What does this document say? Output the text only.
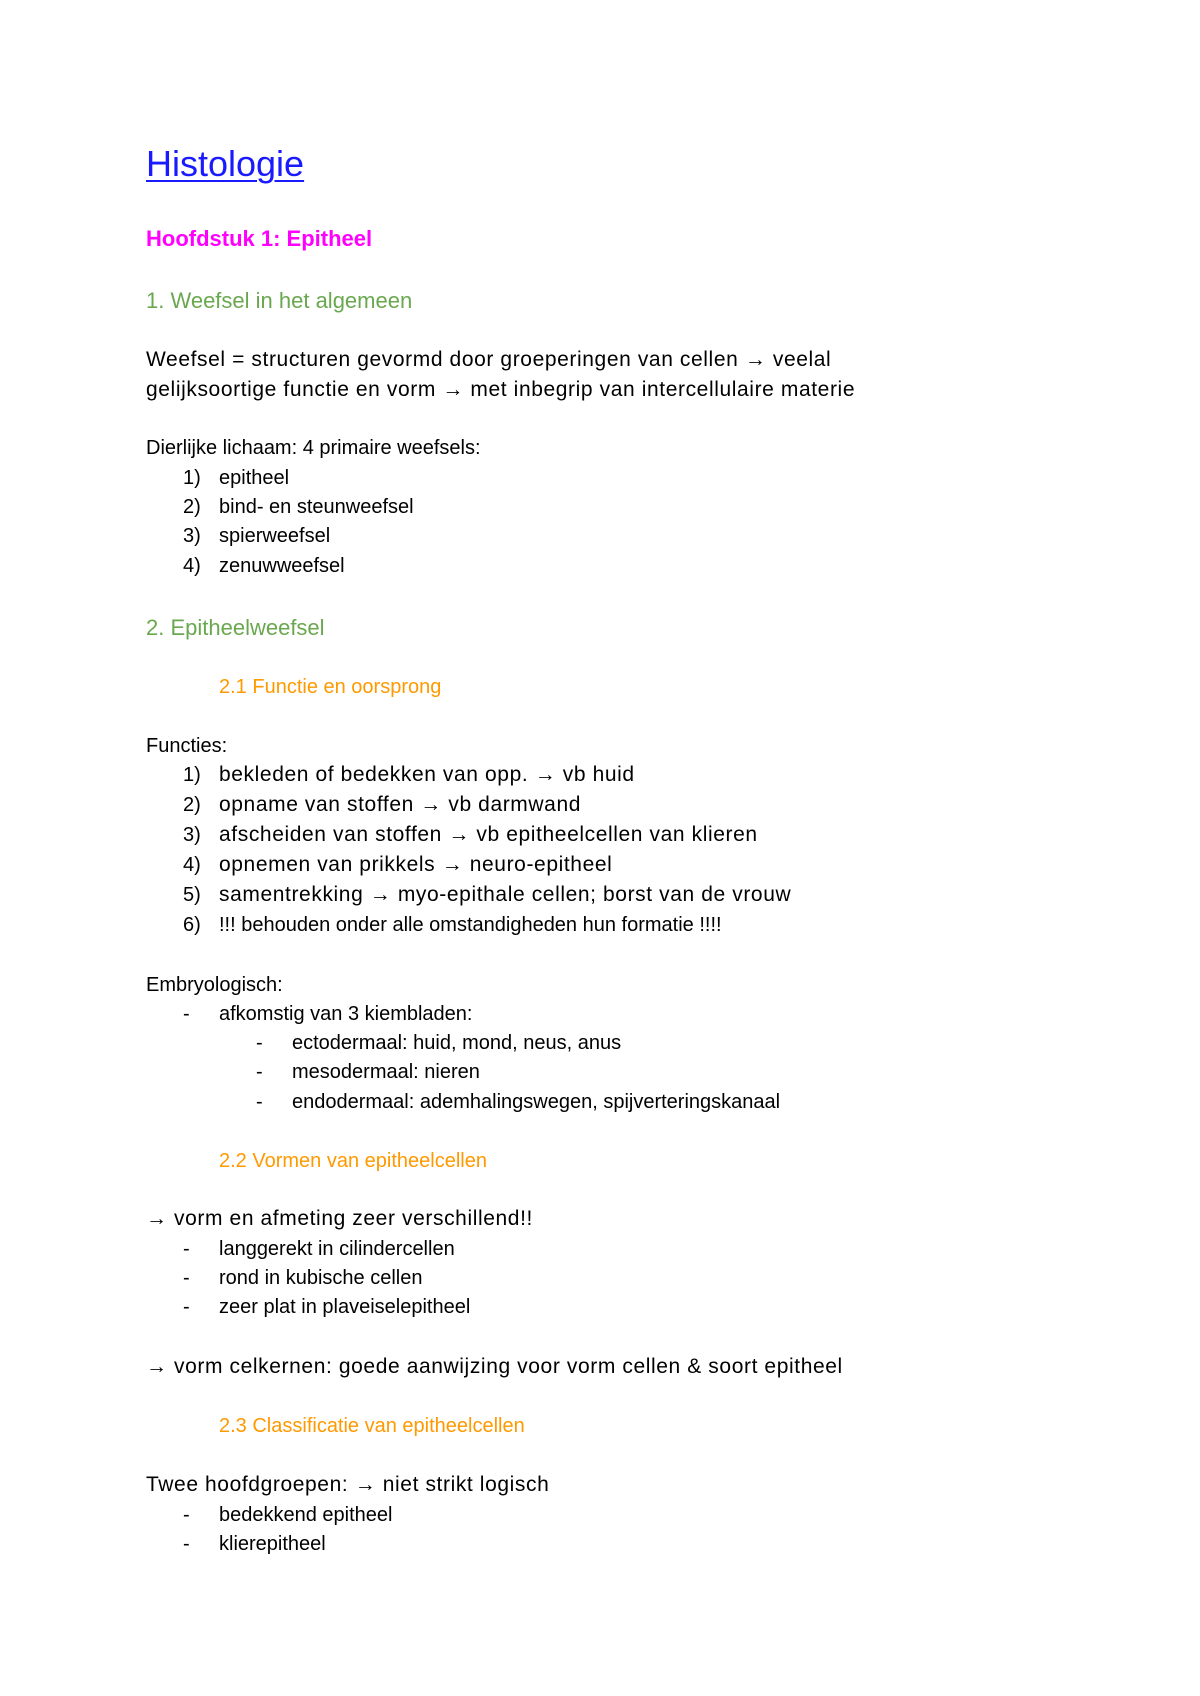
Histologie
Hoofdstuk 1: Epitheel
1. Weefsel in het algemeen
Weefsel = structuren gevormd door groeperingen van cellen → veelal
gelijksoortige functie en vorm → met inbegrip van intercellulaire materie
Dierlijke lichaam: 4 primaire weefsels:
1) epitheel
2) bind- en steunweefsel
3) spierweefsel
4) zenuwweefsel
2. Epitheelweefsel
2.1 Functie en oorsprong
Functies:
1) bekleden of bedekken van opp. → vb huid
2) opname van stoffen → vb darmwand
3) afscheiden van stoffen → vb epitheelcellen van klieren
4) opnemen van prikkels → neuro-epitheel
5) samentrekking → myo-epithale cellen; borst van de vrouw
6) !!! behouden onder alle omstandigheden hun formatie !!!!
Embryologisch:
- afkomstig van 3 kiembladen:
- ectodermaal: huid, mond, neus, anus
- mesodermaal: nieren
- endodermaal: ademhalingswegen, spijverteringskanaal
2.2 Vormen van epitheelcellen
→ vorm en afmeting zeer verschillend!!
- langgerekt in cilindercellen
- rond in kubische cellen
- zeer plat in plaveiselepitheel
→ vorm celkernen: goede aanwijzing voor vorm cellen & soort epitheel
2.3 Classificatie van epitheelcellen
Twee hoofdgroepen: → niet strikt logisch
- bedekkend epitheel
- klierepitheel
